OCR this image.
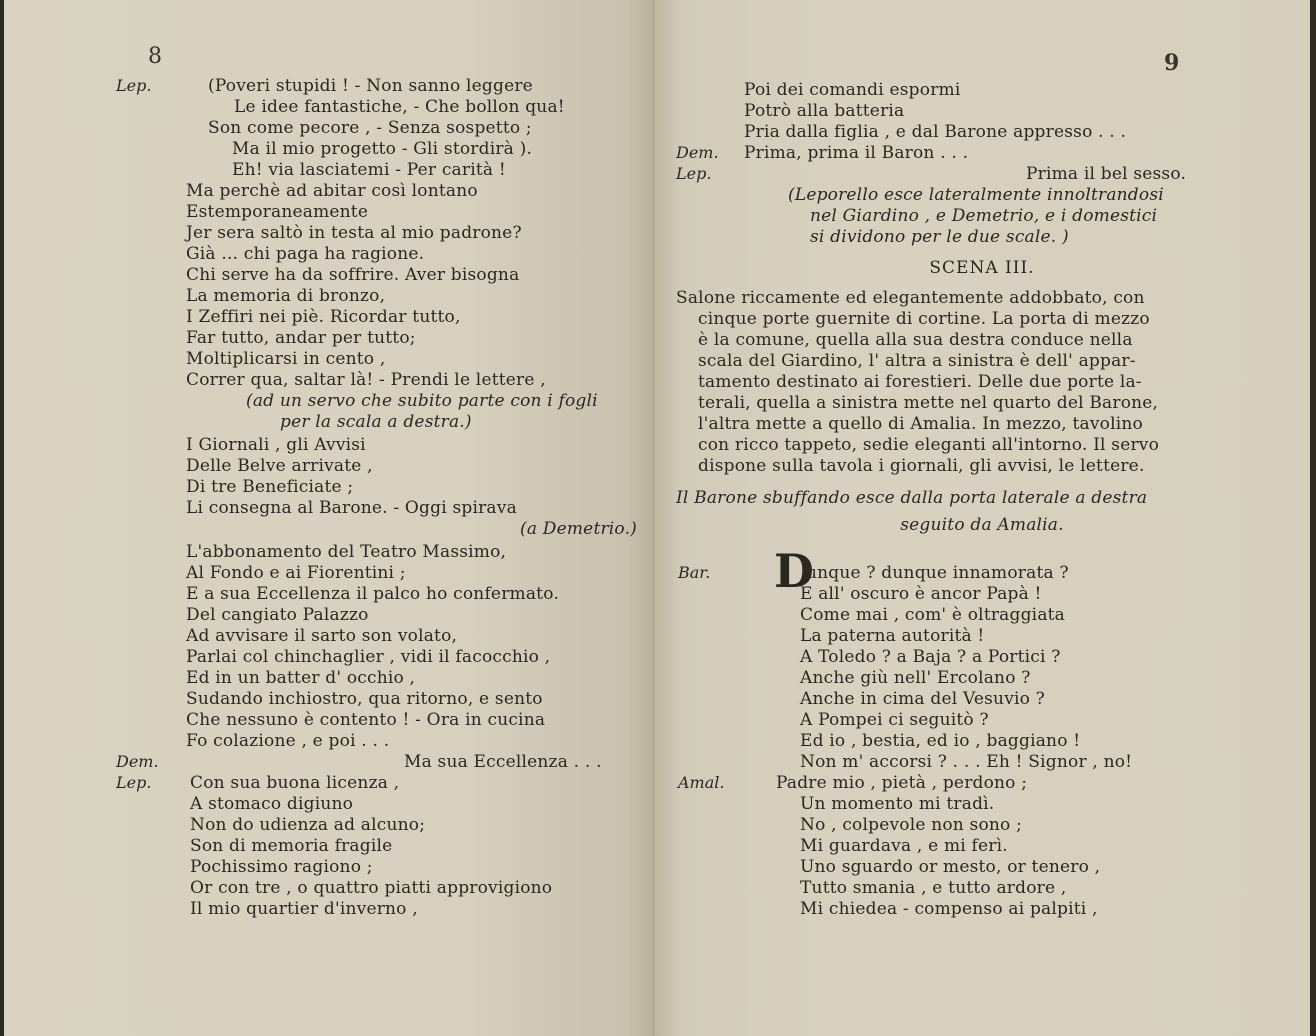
8
Lep.	(Poveri stupidi ! - Non sanno leggere
Le idee fantastiche, - Che bollon qua!
Son come pecore , - Senza sospetto ;
Ma il mio progetto - Gli stordirà ).
Eh! via lasciatemi - Per carità !
Ma perchè ad abitar così lontano
Estemporaneamente
Jer sera saltò in testa al mio padrone?
Già ... chi paga ha ragione.
Chi serve ha da soffrire. Aver bisogna
La memoria di bronzo,
I Zeffiri nei piè. Ricordar tutto,
Far tutto, andar per tutto;
Moltiplicarsi in cento ,
Correr qua, saltar là! - Prendi le lettere ,
(ad un servo che subito parte con i fogli
per la scala a destra.)
I Giornali , gli Avvisi
Delle Belve arrivate ,
Di tre Beneficiate ;
Li consegna al Barone. - Oggi spirava
(a Demetrio.)
L'abbonamento del Teatro Massimo,
Al Fondo e ai Fiorentini ;
E a sua Eccellenza il palco ho confermato.
Del cangiato Palazzo
Ad avvisare il sarto son volato,
Parlai col chinchaglier , vidi il facocchio ,
Ed in un batter d' occhio ,
Sudando inchiostro, qua ritorno, e sento
Che nessuno è contento ! - Ora in cucina
Fo colazione , e poi . . .
Dem.	Ma sua Eccellenza . . .
Lep. Con sua buona licenza ,
A stomaco digiuno
Non do udienza ad alcuno;
Son di memoria fragile
Pochissimo ragiono ;
Or con tre , o quattro piatti approvigiono
Il mio quartier d'inverno ,
9
Poi dei comandi espormi
Potrò alla batteria
Pria dalla figlia , e dal Barone appresso . . .
Dem. Prima, prima il Baron . . .
Lep.	Prima il bel sesso.
(Leporello esce lateralmente innoltrandosi
nel Giardino , e Demetrio, e i domestici
si dividono per le due scale. )
SCENA III.
Salone riccamente ed elegantemente addobbato, con
cinque porte guernite di cortine. La porta di mezzo
è la comune, quella alla sua destra conduce nella
scala del Giardino, l' altra a sinistra è dell' appar-
tamento destinato ai forestieri. Delle due porte la-
terali, quella a sinistra mette nel quarto del Barone,
l'altra mette a quello di Amalia. In mezzo, tavolino
con ricco tappeto, sedie eleganti all'intorno. Il servo
dispone sulla tavola i giornali, gli avvisi, le lettere.
Il Barone sbuffando esce dalla porta laterale a destra
seguito da Amalia.
D
Bar.	unque ? dunque innamorata ?
E all' oscuro è ancor Papà !
Come mai , com' è oltraggiata
La paterna autorità !
A Toledo ? a Baja ? a Portici ?
Anche giù nell' Ercolano ?
Anche in cima del Vesuvio ?
A Pompei ci seguitò ?
Ed io , bestia, ed io , baggiano !
Non m' accorsi ? . . . Eh ! Signor , no!
Amal.	Padre mio , pietà , perdono ;
Un momento mi tradì.
No , colpevole non sono ;
Mi guardava , e mi ferì.
Uno sguardo or mesto, or tenero ,
Tutto smania , e tutto ardore ,
Mi chiedea - compenso ai palpiti ,
